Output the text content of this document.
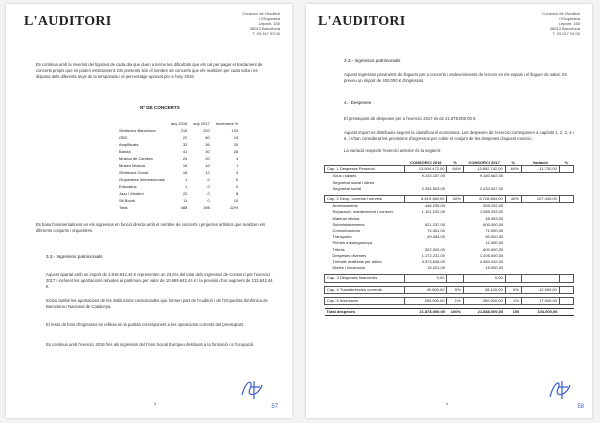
L'AUDITORI
Consorci de l'Auditori
i l'Orquestra
Lepant, 150
08013 Barcelona
T. 93 247 93 00
Es continua amb la inversió del figurant de cada dia que duen a terme les dificultats que els cal per pagar el tractament de concerts propis que es poden estrictament. Els presents són el nombre de concerts que els realitzen per cada volta i es disposa dels diferents anys de la temporada i el percentatge aprovat per a l'any 2016.
Nº DE CONCERTS
	any 2016	any 2017	Increment %
Simfònics Barcelona	215	220	102
OBC	22	80	19
Amplificats	32	36	20
Banda	41	30	28
Música de Cambra	24	20	4
Museu Música	16	10	1
Simfònics Ciutat	18	12	4
Orquestres Internacionals	1	0	0
Educatius	1	0	0
Jazz i Modern	22	0	8
Sit Bourk	11	0	10
Total	488	198	22%
Es basa fonamentalment en els ingressos en funció directa amb el nombre de concerts i projectes artístics que realitzen els diferents conjunts i orquestres.
3.3.- Ingressos patrimonials
Aquest apartat amb un import de 3.919.642,44 € representen un 23,6% del total dels ingressos de Consorci per l'exercici 2017 i incloent les aportacions rebudes al patrimoni per valor de 10.989.642,44 € i la previsió d'un augment de 123.642,44 €.
Inclou també les aportacions de les institucions consorciades que formen part de l'Auditori i de l'Orquestra Simfònica de Barcelona i Nacional de Catalunya.
El resto de fons d'ingressos es reflexa en la partida corresponent a les operacions corrents del pressupost.
Es continua amb l'exercici 2016 fins als ingressos del Fons Social Europeu destinats a la formació i a l'ocupació.
5
57
L'AUDITORI
Consorci de l'Auditori
i l'Orquestra
Lepant, 150
08013 Barcelona
T. 93 247 93 00
3.3.- Ingressos patrimonials
Aquest ingressos provinents de lloguers per a concerts i esdeveniments de tercers en els espais i el lloguer de sales. Es preveu un import de 400.000 € d'ingressos.
4.- Despeses
El pressupost de despeses per a l'exercici 2017 és de 21.878.000,00 €.
Aquest import es distribueix segons la classificació econòmica. Les despeses de l'exercici corresponen a capítols 1, 2, 3, 4 i 6, i s'han considerat les previsions d'ingressos per cobrir el conjunt de les despeses d'aquest exercici.
La variació respecte l'exercici anterior és la següent:
	CONSORCI 2016	%	CONSORCI 2017	%	Variació	%
Cap. 1 Despeses Personal	13.904.472,00	64%	13.892.742,00	64%	-11.730,00	
Sous i salaris	9.243.187,00		9.180.662,00			
Seguretat social i altres						
Seguretat social	2.254.503,00		2.434.547,00			

Cap. 2 Desp. corrents i serveis	8.619.389,00	40%	8.726.834,00	40%	107.445,00	
Arrendaments	446.239,00		555.252,00			
Reparació, manteniment i conserv.	1.101.232,00		1.085.293,00			
Material oficina			48.953,00			
Subministraments	621.237,00		600.000,00			
Comunicacions	74.451,00		71.000,00			
Transports	49.454,00		50.000,00			
Primes d'assegurança			12.400,00			
Tributs	522.000,00		600.000,00			
Despeses diverses	1.172.231,00		1.206.000,00			
Treballs realitzats per altres	4.573.645,00		4.450.032,00			
Dietes i locomoció	15.201,00		15.000,00			

Cap. 3 Despeses financeres	0,00		0,00			

Cap. 4 Transferències corrents	40.600,00	0%	28.100,00	0%	-12.500,00	

Cap. 6 Inversions	283.000,00	1%	300.000,00	1%	17.000,00	

Total despeses	21.878.000,00	100%	21.888.000,00	100	104.000,00	
6
58
